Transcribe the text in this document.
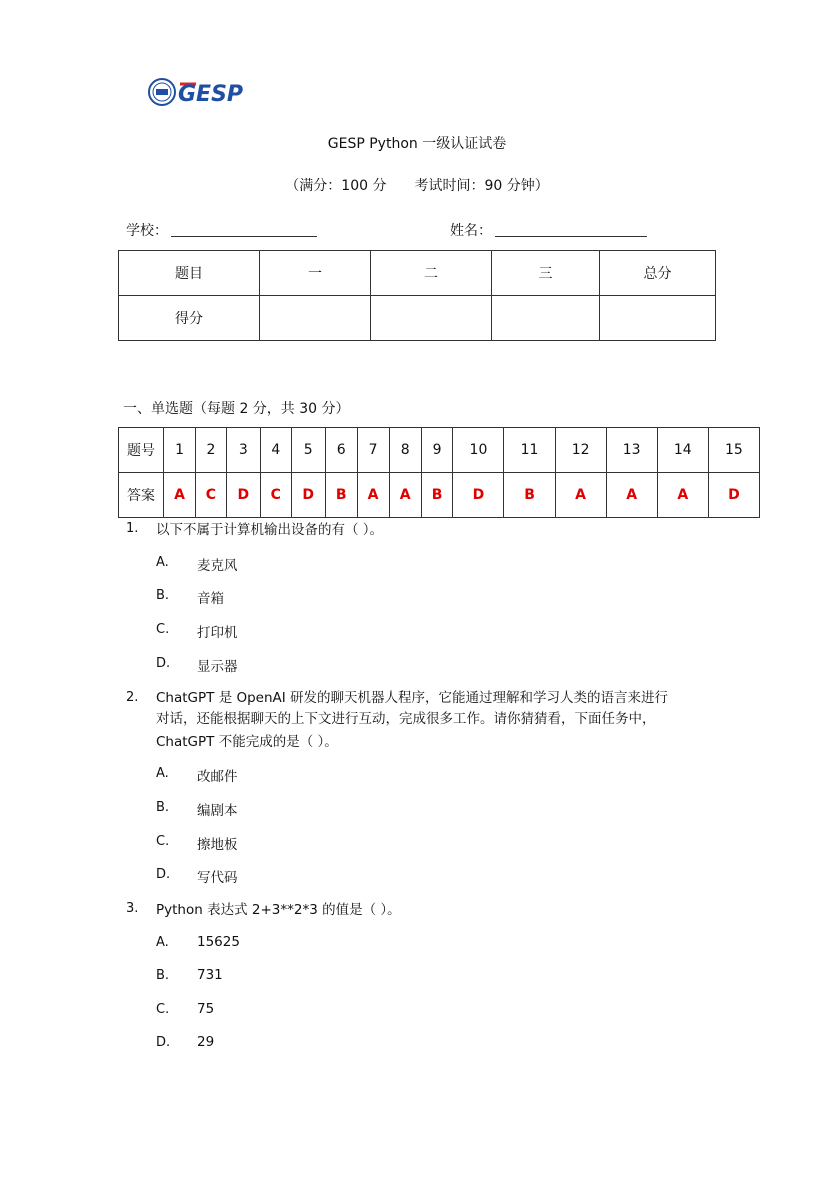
GESP
GESP Python 一级认证试卷
（满分：100 分　　考试时间：90 分钟）
学校：	姓名：
题目	一	二	三	总分
得分				
一、单选题（每题 2 分，共 30 分）
题号	1	2	3	4	5	6	7	8	9	10	11	12	13	14	15
答案	A	C	D	C	D	B	A	A	B	D	B	A	A	A	D
1. 以下不属于计算机输出设备的有（ ）。
A. 麦克风
B. 音箱
C. 打印机
D. 显示器
2. ChatGPT 是 OpenAI 研发的聊天机器人程序，它能通过理解和学习人类的语言来进行
对话，还能根据聊天的上下文进行互动，完成很多工作。请你猜猜看，下面任务中，
ChatGPT 不能完成的是（ ）。
A. 改邮件
B. 编剧本
C. 擦地板
D. 写代码
3. Python 表达式 2+3**2*3 的值是（ ）。
A. 15625
B. 731
C. 75
D. 29
